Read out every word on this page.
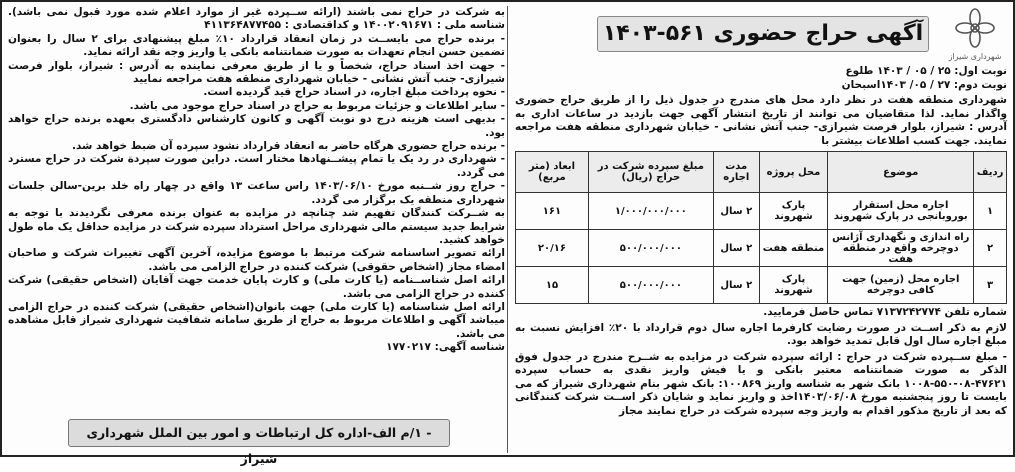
شهرداری شیراز
آگهی حراج حضوری ۵۶۱-۱۴۰۳

نوبت اول: ۲۵ / ۰۵ / ۱۴۰۳ طلوع

نوبت دوم: ۲۷ / ۰۵/ ۱۴۰۳اسبحان

شهرداری منطقه هفت در نظر دارد محل های مندرج در جدول ذیل را از طریق حراج حضوری واگذار نماید. لذا متقاضیان می توانند از تاریخ انتشار آگهی جهت بازدید در ساعات اداری به آدرس : شیراز، بلوار فرصت شیرازی- جنب آتش نشانی - خیابان شهرداری منطقه هفت مراجعه نمایند. جهت کسب اطلاعات بیشتر با

ردیف	موضوع	محل پروژه	مدت اجاره	مبلغ سپرده شرکت در حراج (ریال)	ابعاد (متر مربع)
۱	اجاره محل استقرار بوروبانجی در پارک شهروند	پارک شهروند	۲ سال	۱/۰۰۰/۰۰۰/۰۰۰	۱۶۱
۲	راه اندازی و نگهداری آژانس دوچرخه واقع در منطقه هفت	منطقه هفت	۲ سال	۵۰۰/۰۰۰/۰۰۰	۲۰/۱۶
۳	اجاره محل (زمین) جهت کافی دوچرخه	پارک شهروند	۲ سال	۵۰۰/۰۰۰/۰۰۰	۱۵

شماره تلفن ۷۱۳۷۲۴۲۷۷۴ تماس حاصل فرمایید.

لازم به ذکر اســت در صورت رضایت کارفرما اجاره سال دوم قرارداد با ۲۰٪ افزایش نسبت به مبلغ اجاره سال اول قابل تمدید خواهد بود.

- مبلغ ســپرده شرکت در حراج : ارائه سپرده شرکت در مزایده به شــرح مندرج در جدول فوق الذکر به صورت ضمانتنامه معتبر بانکی و یا فیش واریز نقدی به حساب سپرده ۴۷۶۲۱-۰۸-۵۵۰-۱۰۰۸ بانک شهر به شناسه واریز ۱۰۰۸۶۹: بانک شهر بنام شهرداری شیراز که می بایست تا روز پنجشنبه مورخ ۱۴۰۳/۰۶/۰۸اخذ و واریز نماید و شایان ذکر اســت شرکت کنندگانی که بعد از تاریخ مذکور اقدام به واریز وجه سپرده شرکت در حراج نمایند مجاز

به شرکت در حراج نمی باشند (ارائه ســپرده غیر از موارد اعلام شده مورد قبول نمی باشد). شناسه ملی : ۱۴۰۰۲۰۹۱۶۷۱ و کداقتصادی : ۴۱۱۳۶۴۸۷۷۴۵۵

- برنده حراج می بایســت در زمان انعقاد قرارداد ۱۰٪ مبلغ پیشنهادی برای ۲ سال را بعنوان تضمین حسن انجام تعهدات به صورت ضمانتنامه بانکی یا واریز وجه نقد ارائه نماید.

- جهت اخذ اسناد حراج، شخصاً و یا از طریق معرفی نماینده به آدرس : شیراز، بلوار فرصت شیرازی- جنب آتش نشانی - خیابان شهرداری منطقه هفت مراجعه نمایید

- نحوه پرداخت مبلغ اجاره، در اسناد حراج قید گردیده است.

- سایر اطلاعات و جزئیات مربوط به حراج در اسناد حراج موجود می باشد.

- بدیهی است هزینه درج دو نوبت آگهی و کانون کارشناس دادگستری بعهده برنده حراج خواهد بود.

- برنده حراج حضوری هرگاه حاضر به انعقاد قرارداد نشود سپرده آن ضبط خواهد شد.

- شهرداری در رد یک یا تمام پیشــنهادها مختار است. دراین صورت سپردة شرکت در حراج مسترد می گردد.

- حراج روز شــنبه مورخ ۱۴۰۳/۰۶/۱۰ راس ساعت ۱۳ واقع در چهار راه خلد برین-سالن جلسات شهرداری منطقه یک برگزار می گردد.

به شــرکت کنندگان تفهیم شد چنانچه در مزایده به عنوان برنده معرفی نگردیدند با توجه به شرایط جدید سیستم مالی شهرداری مراحل استرداد سپرده شرکت در مزایده حداقل یک ماه طول خواهد کشید.

ارائه تصویر اساسنامه شرکت مرتبط با موضوع مزایده، آخرین آگهی تغییرات شرکت و صاحبان امضاء مجاز (اشخاص حقوقی) شرکت کننده در حراج الزامی می باشد.

ارائه اصل شناســنامه (یا کارت ملی) و کارت پایان خدمت جهت آقایان (اشخاص حقیقی) شرکت کننده در حراج الزامی می باشد.

ارائه اصل شناسنامه (یا کارت ملی) جهت بانوان(اشخاص حقیقی) شرکت کننده در حراج الزامی میباشد آگهی و اطلاعات مربوط به حراج از طریق سامانه شفافیت شهرداری شیراز قابل مشاهده می باشد.

شناسه آگهی: ۱۷۷۰۲۱۷

- ۱/م الف-اداره کل ارتباطات و امور بین الملل شهرداری شیراز
